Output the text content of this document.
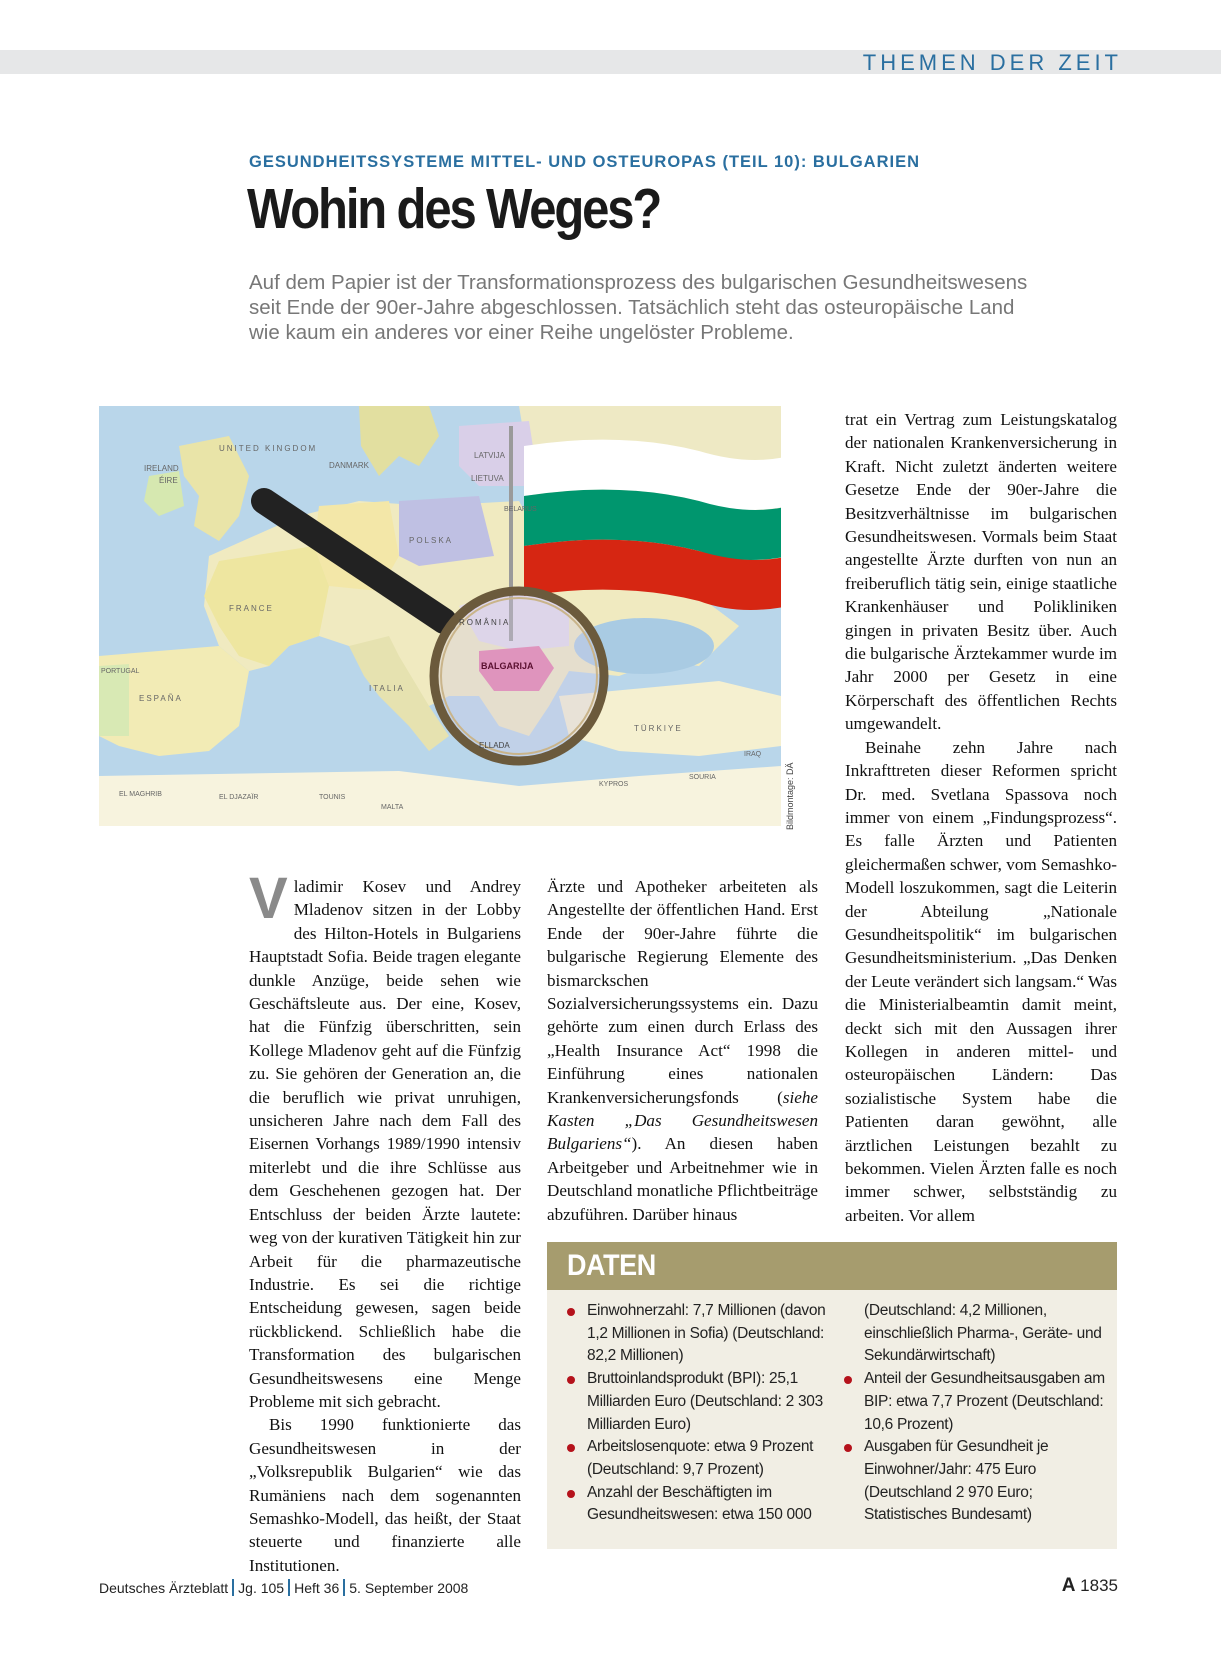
THEMEN DER ZEIT
GESUNDHEITSSYSTEME MITTEL- UND OSTEUROPAS (TEIL 10): BULGARIEN
Wohin des Weges?

Auf dem Papier ist der Transformationsprozess des bulgarischen Gesundheitswesens

seit Ende der 90er-Jahre abgeschlossen. Tatsächlich steht das osteuropäische Land

wie kaum ein anderes vor einer Reihe ungelöster Probleme.

UNITED KINGDOM
IRELAND
ÉIRE
DANMARK
LATVIJA
LIETUVA
BELARUS
POLSKA
FRANCE
ESPAÑA
PORTUGAL
ITALIA
ROMÂNIA
BALGARIJA
ELLADA
TÜRKIYE
IRAQ
SOURIA
EL MAGHRIB	EL DJAZAÏR	TOUNIS
MALTA
KYPROS	Bildmontage: DÄ

Vladimir Kosev und Andrey Mladenov sitzen in der Lobby des Hilton-Hotels in Bulgariens Hauptstadt Sofia. Beide tragen elegante dunkle Anzüge, beide sehen wie Geschäftsleute aus. Der eine, Kosev, hat die Fünfzig überschritten, sein Kollege Mladenov geht auf die Fünfzig zu. Sie gehören der Generation an, die die beruflich wie privat unruhigen, unsicheren Jahre nach dem Fall des Eisernen Vorhangs 1989/1990 intensiv miterlebt und die ihre Schlüsse aus dem Geschehenen gezogen hat. Der Entschluss der beiden Ärzte lautete: weg von der kurativen Tätigkeit hin zur Arbeit für die pharmazeutische Industrie. Es sei die richtige Entscheidung gewesen, sagen beide rückblickend. Schließlich habe die Transformation des bulgarischen Gesundheitswesens eine Menge Probleme mit sich gebracht.

Bis 1990 funktionierte das Gesundheitswesen in der „Volksrepublik Bulgarien“ wie das Rumäniens nach dem sogenannten Semashko-Modell, das heißt, der Staat steuerte und finanzierte alle Institutionen.

Ärzte und Apotheker arbeiteten als Angestellte der öffentlichen Hand. Erst Ende der 90er-Jahre führte die bulgarische Regierung Elemente des bismarckschen Sozialversicherungssystems ein. Dazu gehörte zum einen durch Erlass des „Health Insurance Act“ 1998 die Einführung eines nationalen Krankenversicherungsfonds (siehe Kasten „Das Gesundheitswesen Bulgariens“). An diesen haben Arbeitgeber und Arbeitnehmer wie in Deutschland monatliche Pflichtbeiträge abzuführen. Darüber hinaus

trat ein Vertrag zum Leistungskatalog der nationalen Krankenversicherung in Kraft. Nicht zuletzt änderten weitere Gesetze Ende der 90er-Jahre die Besitzverhältnisse im bulgarischen Gesundheitswesen. Vormals beim Staat angestellte Ärzte durften von nun an freiberuflich tätig sein, einige staatliche Krankenhäuser und Polikliniken gingen in privaten Besitz über. Auch die bulgarische Ärztekammer wurde im Jahr 2000 per Gesetz in eine Körperschaft des öffentlichen Rechts umgewandelt.

Beinahe zehn Jahre nach Inkrafttreten dieser Reformen spricht Dr. med. Svetlana Spassova noch immer von einem „Findungsprozess“. Es falle Ärzten und Patienten gleichermaßen schwer, vom Semashko-Modell loszukommen, sagt die Leiterin der Abteilung „Nationale Gesundheitspolitik“ im bulgarischen Gesundheitsministerium. „Das Denken der Leute verändert sich langsam.“ Was die Ministerialbeamtin damit meint, deckt sich mit den Aussagen ihrer Kollegen in anderen mittel- und osteuropäischen Ländern: Das sozialistische System habe die Patienten daran gewöhnt, alle ärztlichen Leistungen bezahlt zu bekommen. Vielen Ärzten falle es noch immer schwer, selbstständig zu arbeiten. Vor allem

DATEN

Einwohnerzahl: 7,7 Millionen (davon 1,2 Millionen in Sofia) (Deutschland: 82,2 Millionen)

Bruttoinlandsprodukt (BPI): 25,1 Milliarden Euro (Deutschland: 2 303 Milliarden Euro)

Arbeitslosenquote: etwa 9 Prozent (Deutschland: 9,7 Prozent)

Anzahl der Beschäftigten im Gesundheitswesen: etwa 150 000

(Deutschland: 4,2 Millionen, einschließlich Pharma-, Geräte- und Sekundärwirtschaft)

Anteil der Gesundheitsausgaben am BIP: etwa 7,7 Prozent (Deutschland: 10,6 Prozent)

Ausgaben für Gesundheit je Einwohner/Jahr: 475 Euro (Deutschland 2 970 Euro; Statistisches Bundesamt)

Deutsches Ärzteblatt Jg. 105 Heft 36 5. September 2008	A 1835
